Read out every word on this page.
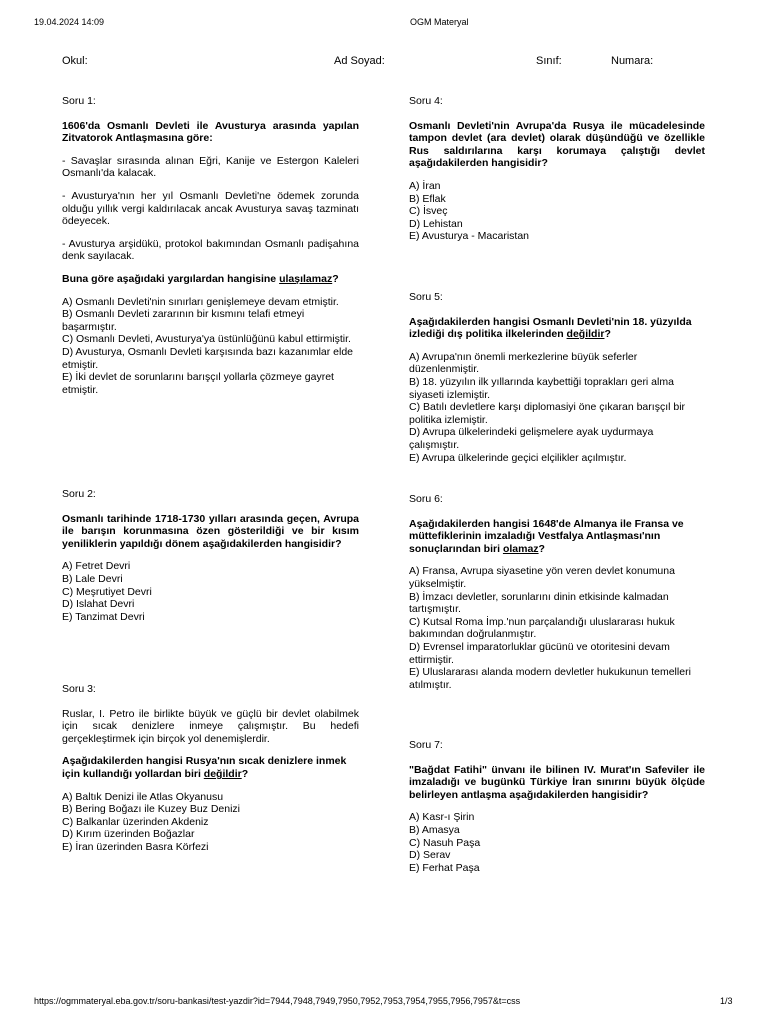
19.04.2024 14:09	OGM Materyal
Okul:	Ad Soyad:	Sınıf:	Numara:
Soru 1:
1606'da Osmanlı Devleti ile Avusturya arasında yapılan Zitvatorok Antlaşmasına göre:
- Savaşlar sırasında alınan Eğri, Kanije ve Estergon Kaleleri Osmanlı'da kalacak.
- Avusturya'nın her yıl Osmanlı Devleti'ne ödemek zorunda olduğu yıllık vergi kaldırılacak ancak Avusturya savaş tazminatı ödeyecek.
- Avusturya arşidükü, protokol bakımından Osmanlı padişahına denk sayılacak.
Buna göre aşağıdaki yargılardan hangisine ulaşılamaz?
A) Osmanlı Devleti'nin sınırları genişlemeye devam etmiştir.
B) Osmanlı Devleti zararının bir kısmını telafi etmeyi başarmıştır.
C) Osmanlı Devleti, Avusturya'ya üstünlüğünü kabul ettirmiştir.
D) Avusturya, Osmanlı Devleti karşısında bazı kazanımlar elde etmiştir.
E) İki devlet de sorunlarını barışçıl yollarla çözmeye gayret etmiştir.
Soru 2:
Osmanlı tarihinde 1718-1730 yılları arasında geçen, Avrupa ile barışın korunmasına özen gösterildiği ve bir kısım yeniliklerin yapıldığı dönem aşağıdakilerden hangisidir?
A) Fetret Devri
B) Lale Devri
C) Meşrutiyet Devri
D) Islahat Devri
E) Tanzimat Devri
Soru 3:
Ruslar, I. Petro ile birlikte büyük ve güçlü bir devlet olabilmek için sıcak denizlere inmeye çalışmıştır. Bu hedefi gerçekleştirmek için birçok yol denemişlerdir.
Aşağıdakilerden hangisi Rusya'nın sıcak denizlere inmek için kullandığı yollardan biri değildir?
A) Baltık Denizi ile Atlas Okyanusu
B) Bering Boğazı ile Kuzey Buz Denizi
C) Balkanlar üzerinden Akdeniz
D) Kırım üzerinden Boğazlar
E) İran üzerinden Basra Körfezi
Soru 4:
Osmanlı Devleti'nin Avrupa'da Rusya ile mücadelesinde tampon devlet (ara devlet) olarak düşündüğü ve özellikle Rus saldırılarına karşı korumaya çalıştığı devlet aşağıdakilerden hangisidir?
A) İran
B) Eflak
C) İsveç
D) Lehistan
E) Avusturya - Macaristan
Soru 5:
Aşağıdakilerden hangisi Osmanlı Devleti'nin 18. yüzyılda izlediği dış politika ilkelerinden değildir?
A) Avrupa'nın önemli merkezlerine büyük seferler düzenlenmiştir.
B) 18. yüzyılın ilk yıllarında kaybettiği toprakları geri alma siyaseti izlemiştir.
C) Batılı devletlere karşı diplomasiyi öne çıkaran barışçıl bir politika izlemiştir.
D) Avrupa ülkelerindeki gelişmelere ayak uydurmaya çalışmıştır.
E) Avrupa ülkelerinde geçici elçilikler açılmıştır.
Soru 6:
Aşağıdakilerden hangisi 1648'de Almanya ile Fransa ve müttefiklerinin imzaladığı Vestfalya Antlaşması'nın sonuçlarından biri olamaz?
A) Fransa, Avrupa siyasetine yön veren devlet konumuna yükselmiştir.
B) İmzacı devletler, sorunlarını dinin etkisinde kalmadan tartışmıştır.
C) Kutsal Roma İmp.'nun parçalandığı uluslararası hukuk bakımından doğrulanmıştır.
D) Evrensel imparatorluklar gücünü ve otoritesini devam ettirmiştir.
E) Uluslararası alanda modern devletler hukukunun temelleri atılmıştır.
Soru 7:
"Bağdat Fatihi" ünvanı ile bilinen IV. Murat'ın Safeviler ile imzaladığı ve bugünkü Türkiye İran sınırını büyük ölçüde belirleyen antlaşma aşağıdakilerden hangisidir?
A) Kasr-ı Şirin
B) Amasya
C) Nasuh Paşa
D) Serav
E) Ferhat Paşa
https://ogmmateryal.eba.gov.tr/soru-bankasi/test-yazdir?id=7944,7948,7949,7950,7952,7953,7954,7955,7956,7957&t=css	1/3
